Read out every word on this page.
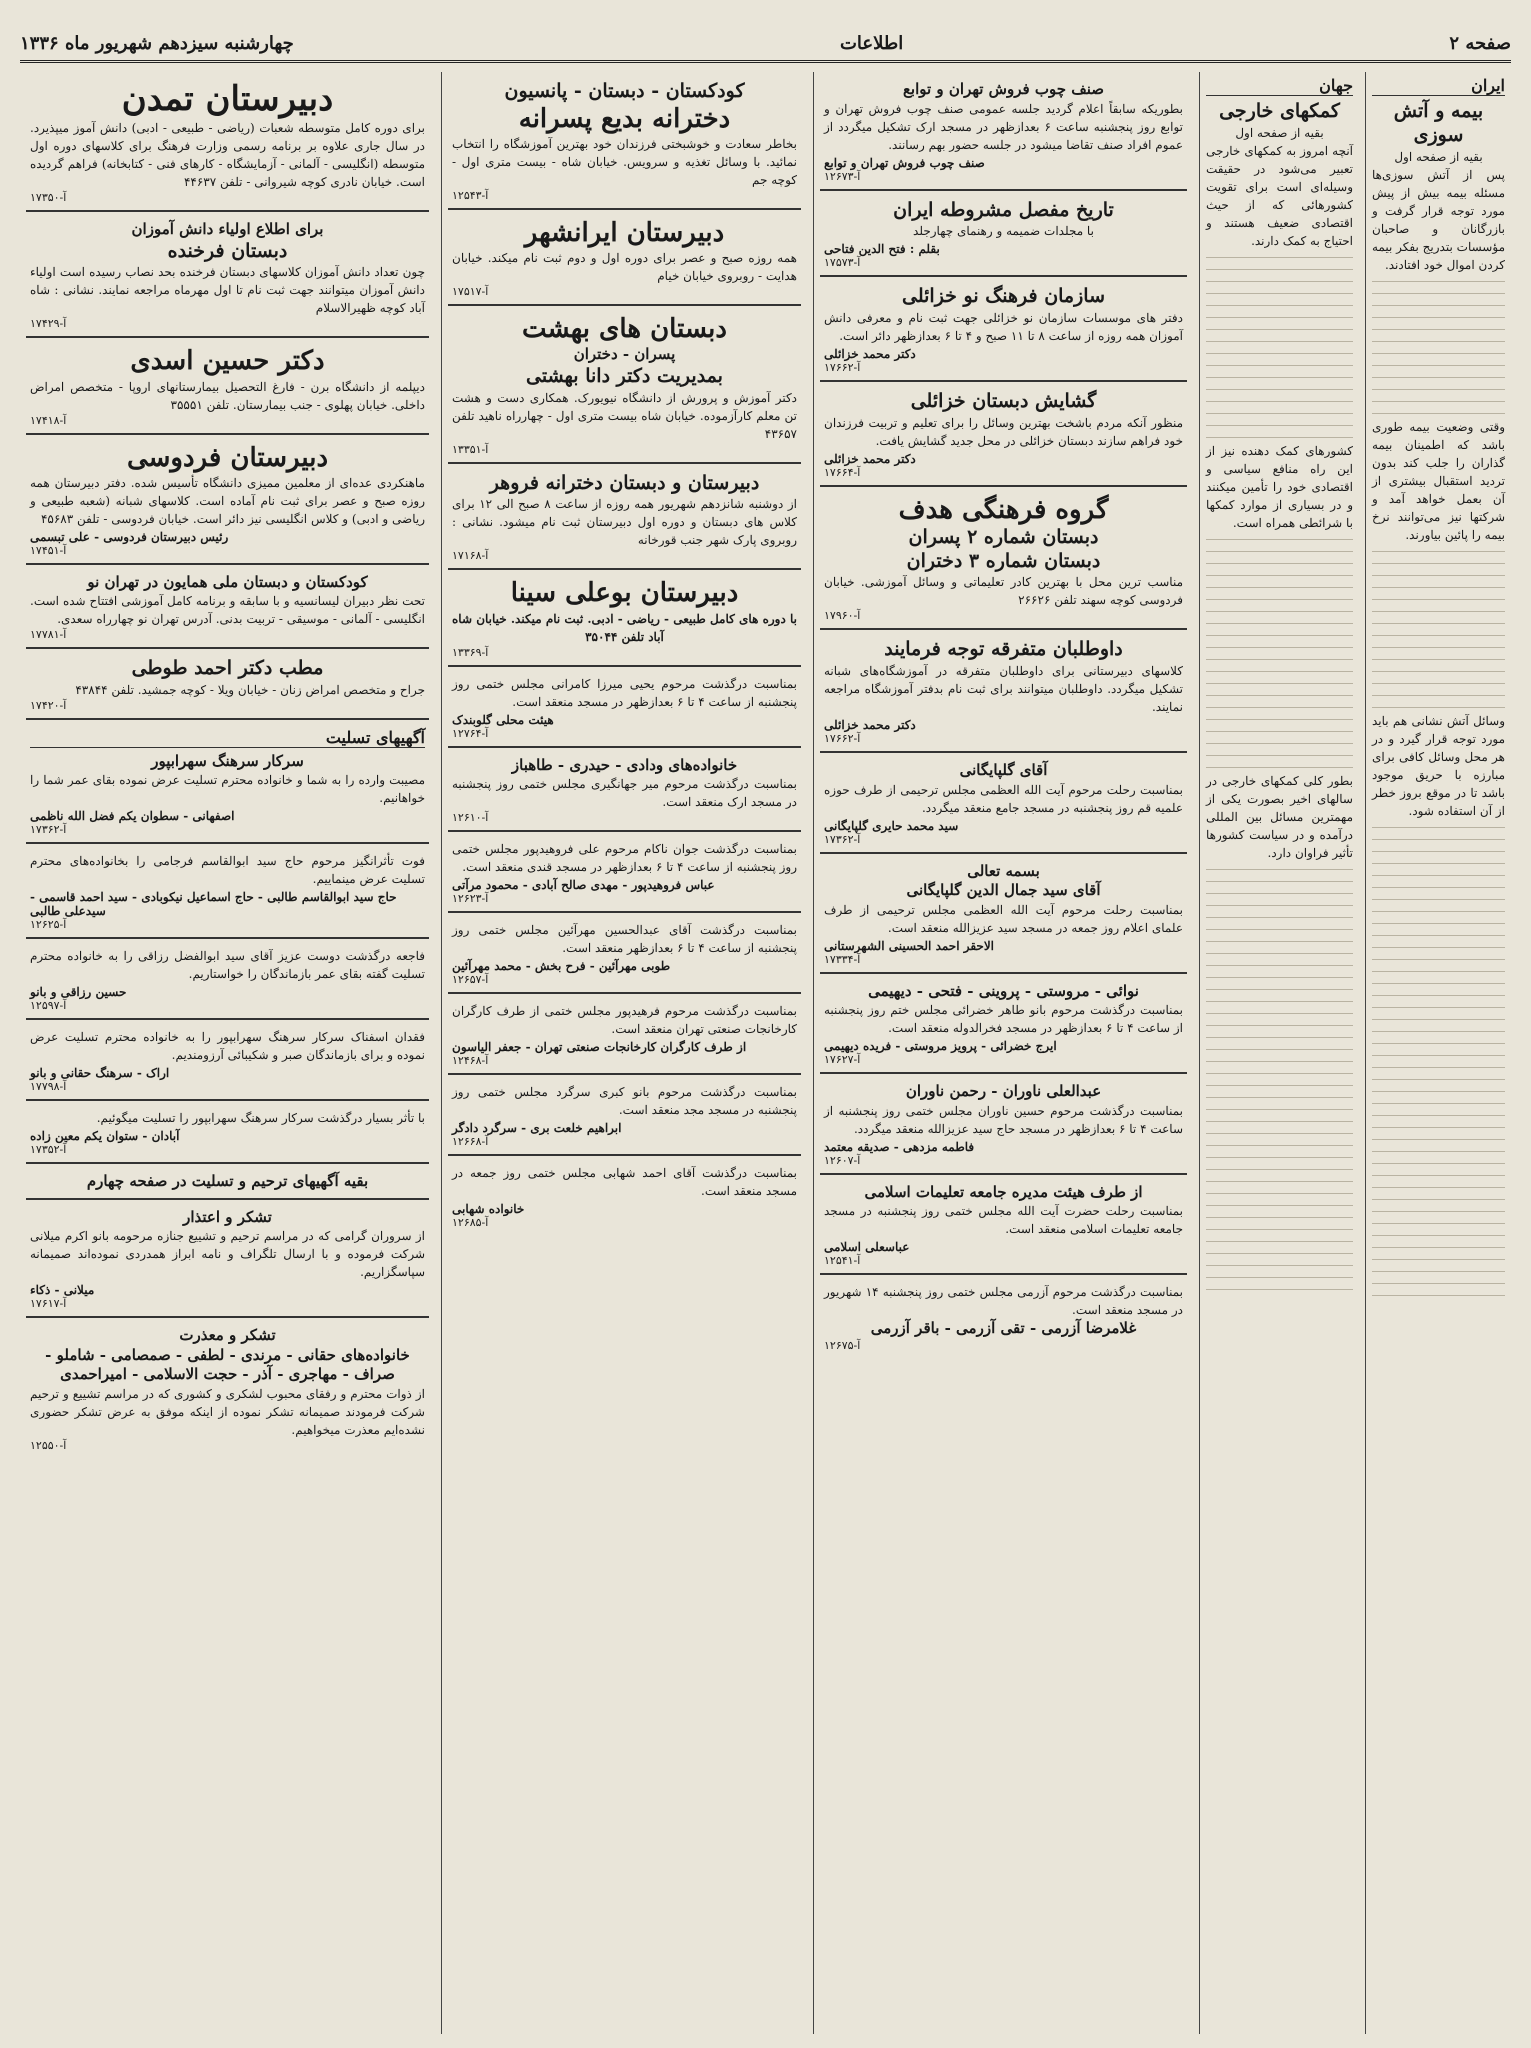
صفحه ۲
اطلاعات
چهارشنبه سیزدهم شهریور ماه ۱۳۳۶
ایران
بیمه و آتش سوزی
بقیه از صفحه اول
پس از آتش سوزی‌ها مسئله بیمه بیش از پیش مورد توجه قرار گرفت و بازرگانان و صاحبان مؤسسات بتدریج بفکر بیمه کردن اموال خود افتادند.
وقتی وضعیت بیمه طوری باشد که اطمینان بیمه گذاران را جلب کند بدون تردید استقبال بیشتری از آن بعمل خواهد آمد و شرکتها نیز می‌توانند نرخ بیمه را پائین بیاورند.
وسائل آتش نشانی هم باید مورد توجه قرار گیرد و در هر محل وسائل کافی برای مبارزه با حریق موجود باشد تا در موقع بروز خطر از آن استفاده شود.
جهان
کمکهای خارجی
بقیه از صفحه اول
آنچه امروز به کمکهای خارجی تعبیر می‌شود در حقیقت وسیله‌ای است برای تقویت کشورهائی که از حیث اقتصادی ضعیف هستند و احتیاج به کمک دارند.
کشورهای کمک دهنده نیز از این راه منافع سیاسی و اقتصادی خود را تأمین میکنند و در بسیاری از موارد کمکها با شرائطی همراه است.
بطور کلی کمکهای خارجی در سالهای اخیر بصورت یکی از مهمترین مسائل بین المللی درآمده و در سیاست کشورها تأثیر فراوان دارد.
صنف چوب فروش تهران و توابع
بطوریکه سابقاً اعلام گردید جلسه عمومی صنف چوب فروش تهران و توابع روز پنجشنبه ساعت ۶ بعدازظهر در مسجد ارک تشکیل میگردد از عموم افراد صنف تقاضا میشود در جلسه حضور بهم رسانند.
صنف چوب فروش تهران و توابع
۱۲۶۷۳-آ
تاریخ مفصل مشروطه ایران
با مجلدات ضمیمه و رهنمای چهارجلد
بقلم : فتح الدین فتاحی
۱۷۵۷۳-آ
سازمان فرهنگ نو خزائلی
دفتر های موسسات سازمان نو خزائلی جهت ثبت نام و معرفی دانش آموزان همه روزه از ساعت ۸ تا ۱۱ صبح و ۴ تا ۶ بعدازظهر دائر است.
دکتر محمد خزائلی
۱۷۶۶۲-آ
گشایش دبستان خزائلی
منظور آنکه مردم باشخت بهترین وسائل را برای تعلیم و تربیت فرزندان خود فراهم سازند دبستان خزائلی در محل جدید گشایش یافت.
دکتر محمد خزائلی
۱۷۶۶۴-آ
گروه فرهنگی هدف
دبستان شماره ۲ پسران
دبستان شماره ۳ دختران
مناسب ترین محل با بهترین کادر تعلیماتی و وسائل آموزشی. خیابان فردوسی کوچه سهند تلفن ۲۶۶۲۶
۱۷۹۶۰-آ
داوطلبان متفرقه توجه فرمایند
کلاسهای دبیرستانی برای داوطلبان متفرقه در آموزشگاه‌های شبانه تشکیل میگردد. داوطلبان میتوانند برای ثبت نام بدفتر آموزشگاه مراجعه نمایند.
دکتر محمد خزائلی
۱۷۶۶۲-آ
آقای گلپایگانی
بمناسبت رحلت مرحوم آیت الله العظمی مجلس ترحیمی از طرف حوزه علمیه قم روز پنجشنبه در مسجد جامع منعقد میگردد.
سید محمد حایری گلپایگانی
۱۷۳۶۲-آ
بسمه تعالی
آقای سید جمال الدین گلپایگانی
بمناسبت رحلت مرحوم آیت الله العظمی مجلس ترحیمی از طرف علمای اعلام روز جمعه در مسجد سید عزیزالله منعقد است.
الاحقر احمد الحسینی الشهرستانی
۱۷۳۳۴-آ
نوائی - مروستی - پروینی - فتحی - دیهیمی
بمناسبت درگذشت مرحوم بانو طاهر خضرائی مجلس ختم روز پنجشنبه از ساعت ۴ تا ۶ بعدازظهر در مسجد فخرالدوله منعقد است.
ایرج خضرائی - پرویز مروستی - فریده دیهیمی
۱۷۶۲۷-آ
عبدالعلی ناوران - رحمن ناوران
بمناسبت درگذشت مرحوم حسین ناوران مجلس ختمی روز پنجشنبه از ساعت ۴ تا ۶ بعدازظهر در مسجد حاج سید عزیزالله منعقد میگردد.
فاطمه مزدهی - صدیقه معتمد
۱۲۶۰۷-آ
از طرف هیئت مدیره جامعه تعلیمات اسلامی
بمناسبت رحلت حضرت آیت الله مجلس ختمی روز پنجشنبه در مسجد جامعه تعلیمات اسلامی منعقد است.
عباسعلی اسلامی
۱۲۵۴۱-آ
بمناسبت درگذشت مرحوم آزرمی مجلس ختمی روز پنجشنبه ۱۴ شهریور در مسجد منعقد است.
غلامرضا آزرمی - تقی آزرمی - باقر آزرمی
۱۲۶۷۵-آ
کودکستان - دبستان - پانسیون
دخترانه بدیع پسرانه
بخاطر سعادت و خوشبختی فرزندان خود بهترین آموزشگاه را انتخاب نمائید. با وسائل تغذیه و سرویس. خیابان شاه - بیست متری اول - کوچه جم
۱۲۵۴۳-آ
دبیرستان ایرانشهر
همه روزه صبح و عصر برای دوره اول و دوم ثبت نام میکند. خیابان هدایت - روبروی خیابان خیام
۱۷۵۱۷-آ
دبستان های بهشت
پسران - دختران
بمدیریت دکتر دانا بهشتی
دکتر آموزش و پرورش از دانشگاه نیویورک. همکاری دست و هشت تن معلم کارآزموده. خیابان شاه بیست متری اول - چهارراه ناهید تلفن ۴۳۶۵۷
۱۳۳۵۱-آ
دبیرستان و دبستان دخترانه فروهر
از دوشنبه شانزدهم شهریور همه روزه از ساعت ۸ صبح الی ۱۲ برای کلاس های دبستان و دوره اول دبیرستان ثبت نام میشود. نشانی : روبروی پارک شهر جنب قورخانه
۱۷۱۶۸-آ
دبیرستان بوعلی سینا
با دوره های کامل طبیعی - ریاضی - ادبی. ثبت نام میکند. خیابان شاه آباد تلفن ۳۵۰۴۴
۱۳۳۶۹-آ
بمناسبت درگذشت مرحوم یحیی میرزا کامرانی مجلس ختمی روز پنجشنبه از ساعت ۴ تا ۶ بعدازظهر در مسجد منعقد است.
هیئت محلی گلوبندک
۱۲۷۶۴-آ
خانواده‌های ودادی - حیدری - طاهباز
بمناسبت درگذشت مرحوم میر جهانگیری مجلس ختمی روز پنجشنبه در مسجد ارک منعقد است.
۱۲۶۱۰-آ
بمناسبت درگذشت جوان ناکام مرحوم علی فروهیدپور مجلس ختمی روز پنجشنبه از ساعت ۴ تا ۶ بعدازظهر در مسجد قندی منعقد است.
عباس فروهیدپور - مهدی صالح آبادی - محمود مرآتی
۱۲۶۲۳-آ
بمناسبت درگذشت آقای عبدالحسین مهرآئین مجلس ختمی روز پنجشنبه از ساعت ۴ تا ۶ بعدازظهر منعقد است.
طوبی مهرآئین - فرح بخش - محمد مهرآئین
۱۲۶۵۷-آ
بمناسبت درگذشت مرحوم فرهیدپور مجلس ختمی از طرف کارگران کارخانجات صنعتی تهران منعقد است.
از طرف کارگران کارخانجات صنعتی تهران - جعفر الیاسون
۱۲۴۶۸-آ
بمناسبت درگذشت مرحوم بانو کبری سرگرد مجلس ختمی روز پنجشنبه در مسجد مجد منعقد است.
ابراهیم خلعت بری - سرگرد دادگر
۱۲۶۶۸-آ
بمناسبت درگذشت آقای احمد شهابی مجلس ختمی روز جمعه در مسجد منعقد است.
خانواده شهابی
۱۲۶۸۵-آ
دبیرستان تمدن
برای دوره کامل متوسطه شعبات (ریاضی - طبیعی - ادبی) دانش آموز میپذیرد. در سال جاری علاوه بر برنامه رسمی وزارت فرهنگ برای کلاسهای دوره اول متوسطه (انگلیسی - آلمانی - آزمایشگاه - کارهای فنی - کتابخانه) فراهم گردیده است. خیابان نادری کوچه شیروانی - تلفن ۴۴۶۳۷
۱۷۳۵۰-آ
برای اطلاع اولیاء دانش آموزان
دبستان فرخنده
چون تعداد دانش آموزان کلاسهای دبستان فرخنده بحد نصاب رسیده است اولیاء دانش آموزان میتوانند جهت ثبت نام تا اول مهرماه مراجعه نمایند. نشانی : شاه آباد کوچه ظهیرالاسلام
۱۷۴۲۹-آ
دکتر حسین اسدی
دیپلمه از دانشگاه برن - فارغ التحصیل بیمارستانهای اروپا - متخصص امراض داخلی. خیابان پهلوی - جنب بیمارستان. تلفن ۳۵۵۵۱
۱۷۴۱۸-آ
دبیرستان فردوسی
ماهنکردی عده‌ای از معلمین ممیزی دانشگاه تأسیس شده. دفتر دبیرستان همه روزه صبح و عصر برای ثبت نام آماده است. کلاسهای شبانه (شعبه طبیعی و ریاضی و ادبی) و کلاس انگلیسی نیز دائر است. خیابان فردوسی - تلفن ۴۵۶۸۳
رئیس دبیرستان فردوسی - علی تبسمی
۱۷۴۵۱-آ
کودکستان و دبستان ملی همایون در تهران نو
تحت نظر دبیران لیسانسیه و با سابقه و برنامه کامل آموزشی افتتاح شده است. انگلیسی - آلمانی - موسیقی - تربیت بدنی. آدرس تهران نو چهارراه سعدی.
۱۷۷۸۱-آ
مطب دکتر احمد طوطی
جراح و متخصص امراض زنان - خیابان ویلا - کوچه جمشید. تلفن ۴۳۸۴۴
۱۷۴۲۰-آ
آگهیهای تسلیت
سرکار سرهنگ سهرابپور
مصیبت وارده را به شما و خانواده محترم تسلیت عرض نموده بقای عمر شما را خواهانیم.
اصفهانی - سطوان یکم فضل الله ناظمی
۱۷۳۶۲-آ
فوت تأثرانگیز مرحوم حاج سید ابوالقاسم فرجامی را بخانواده‌های محترم تسلیت عرض مینماییم.
حاج سید ابوالقاسم طالبی - حاج اسماعیل نیکوبادی - سید احمد قاسمی - سیدعلی طالبی
۱۲۶۲۵-آ
فاجعه درگذشت دوست عزیز آقای سید ابوالفضل رزاقی را به خانواده محترم تسلیت گفته بقای عمر بازماندگان را خواستاریم.
حسین رزاقی و بانو
۱۲۵۹۷-آ
فقدان اسفناک سرکار سرهنگ سهرابپور را به خانواده محترم تسلیت عرض نموده و برای بازماندگان صبر و شکیبائی آرزومندیم.
اراک - سرهنگ حقانی و بانو
۱۷۷۹۸-آ
با تأثر بسیار درگذشت سرکار سرهنگ سهرابپور را تسلیت میگوئیم.
آبادان - ستوان یکم معین زاده
۱۷۳۵۲-آ
بقیه آگهیهای ترحیم و تسلیت در صفحه چهارم
تشکر و اعتذار
از سروران گرامی که در مراسم ترحیم و تشییع جنازه مرحومه بانو اکرم میلانی شرکت فرموده و با ارسال تلگراف و نامه ابراز همدردی نموده‌اند صمیمانه سپاسگزاریم.
میلانی - ذکاء
۱۷۶۱۷-آ
تشکر و معذرت
خانواده‌های حقانی - مرندی - لطفی - صمصامی - شاملو - صراف - مهاجری - آذر - حجت الاسلامی - امیراحمدی
از ذوات محترم و رفقای محبوب لشکری و کشوری که در مراسم تشییع و ترحیم شرکت فرمودند صمیمانه تشکر نموده از اینکه موفق به عرض تشکر حضوری نشده‌ایم معذرت میخواهیم.
۱۲۵۵۰-آ
